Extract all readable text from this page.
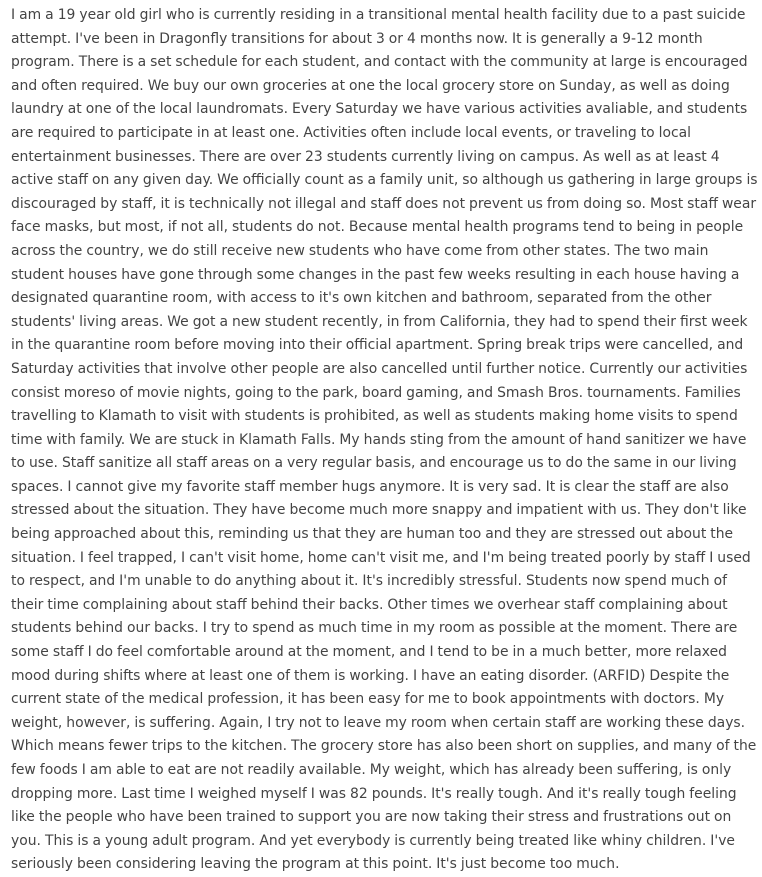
I am a 19 year old girl who is currently residing in a transitional mental health facility due to a past suicide attempt. I've been in Dragonfly transitions for about 3 or 4 months now. It is generally a 9-12 month program. There is a set schedule for each student, and contact with the community at large is encouraged and often required. We buy our own groceries at one the local grocery store on Sunday, as well as doing laundry at one of the local laundromats. Every Saturday we have various activities avaliable, and students are required to participate in at least one. Activities often include local events, or traveling to local entertainment businesses. There are over 23 students currently living on campus. As well as at least 4 active staff on any given day. We officially count as a family unit, so although us gathering in large groups is discouraged by staff, it is technically not illegal and staff does not prevent us from doing so. Most staff wear face masks, but most, if not all, students do not. Because mental health programs tend to being in people across the country, we do still receive new students who have come from other states. The two main student houses have gone through some changes in the past few weeks resulting in each house having a designated quarantine room, with access to it's own kitchen and bathroom, separated from the other students' living areas. We got a new student recently, in from California, they had to spend their first week in the quarantine room before moving into their official apartment. Spring break trips were cancelled, and Saturday activities that involve other people are also cancelled until further notice. Currently our activities consist moreso of movie nights, going to the park, board gaming, and Smash Bros. tournaments. Families travelling to Klamath to visit with students is prohibited, as well as students making home visits to spend time with family. We are stuck in Klamath Falls. My hands sting from the amount of hand sanitizer we have to use. Staff sanitize all staff areas on a very regular basis, and encourage us to do the same in our living spaces. I cannot give my favorite staff member hugs anymore. It is very sad. It is clear the staff are also stressed about the situation. They have become much more snappy and impatient with us. They don't like being approached about this, reminding us that they are human too and they are stressed out about the situation. I feel trapped, I can't visit home, home can't visit me, and I'm being treated poorly by staff I used to respect, and I'm unable to do anything about it. It's incredibly stressful. Students now spend much of their time complaining about staff behind their backs. Other times we overhear staff complaining about students behind our backs. I try to spend as much time in my room as possible at the moment. There are some staff I do feel comfortable around at the moment, and I tend to be in a much better, more relaxed mood during shifts where at least one of them is working. I have an eating disorder. (ARFID) Despite the current state of the medical profession, it has been easy for me to book appointments with doctors. My weight, however, is suffering. Again, I try not to leave my room when certain staff are working these days. Which means fewer trips to the kitchen. The grocery store has also been short on supplies, and many of the few foods I am able to eat are not readily available. My weight, which has already been suffering, is only dropping more. Last time I weighed myself I was 82 pounds. It's really tough. And it's really tough feeling like the people who have been trained to support you are now taking their stress and frustrations out on you. This is a young adult program. And yet everybody is currently being treated like whiny children. I've seriously been considering leaving the program at this point. It's just become too much.
